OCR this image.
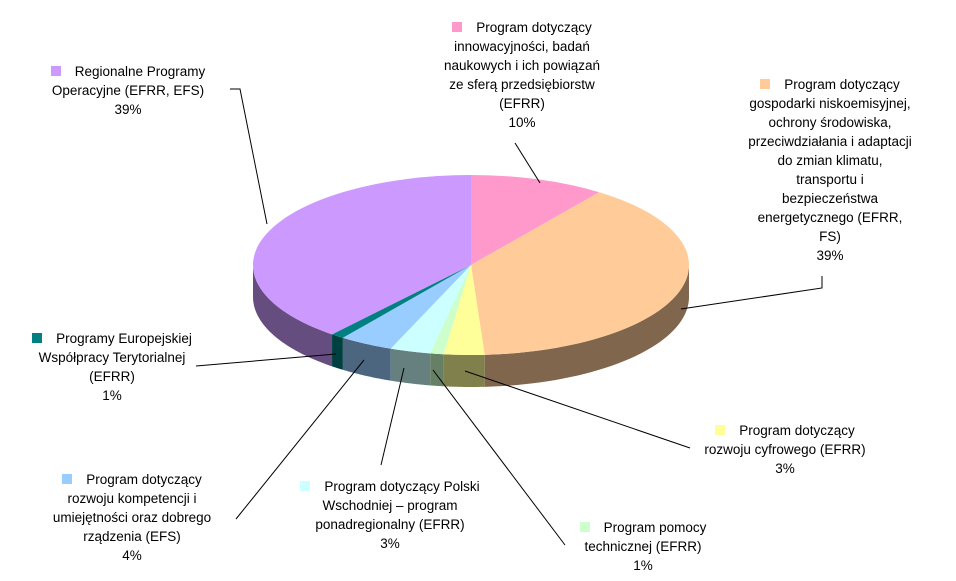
Program dotyczący
innowacyjności, badań
naukowych i ich powiązań
ze sferą przedsiębiorstw
(EFRR)
10%
Program dotyczący
gospodarki niskoemisyjnej,
ochrony środowiska,
przeciwdziałania i adaptacji
do zmian klimatu,
transportu i
bezpieczeństwa
energetycznego (EFRR,
FS)
39%
Program dotyczący
rozwoju cyfrowego (EFRR)
3%
Program pomocy
technicznej (EFRR)
1%
Program dotyczący Polski
Wschodniej – program
ponadregionalny (EFRR)
3%
Program dotyczący
rozwoju kompetencji i
umiejętności oraz dobrego
rządzenia (EFS)
4%
Programy Europejskiej
Współpracy Terytorialnej
(EFRR)
1%
Regionalne Programy
Operacyjne (EFRR, EFS)
39%
